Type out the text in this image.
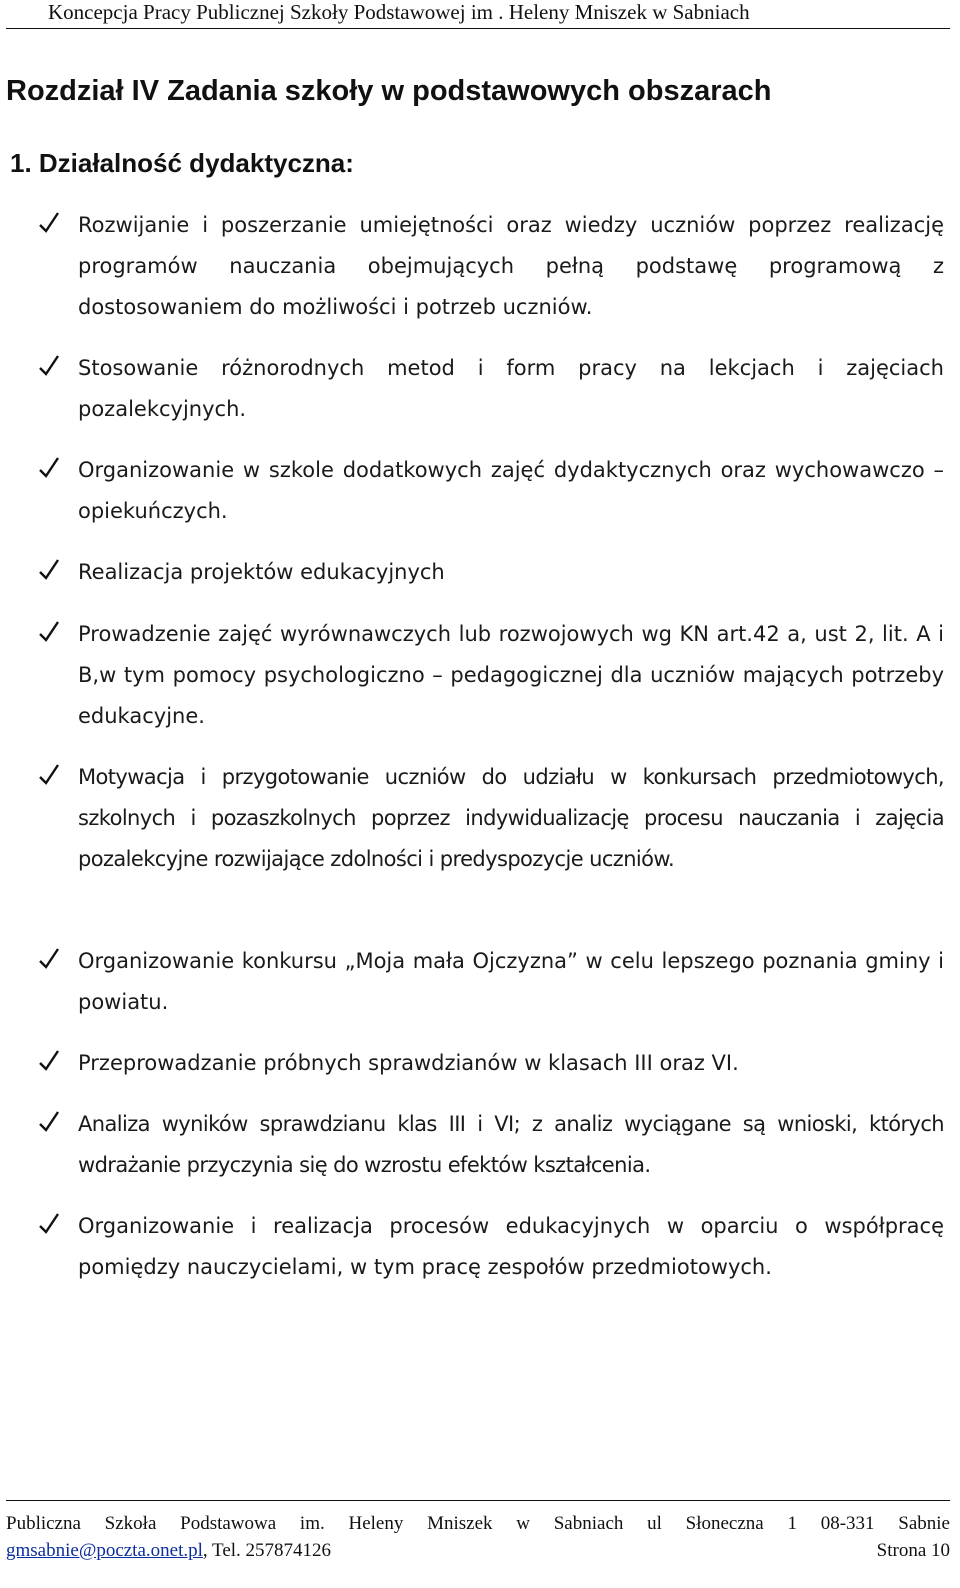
Koncepcja Pracy Publicznej Szkoły Podstawowej im . Heleny Mniszek w Sabniach
Rozdział IV Zadania szkoły w podstawowych obszarach
1. Działalność dydaktyczna:
Rozwijanie i poszerzanie umiejętności oraz wiedzy uczniów poprzez realizację programów nauczania obejmujących pełną podstawę programową z dostosowaniem do możliwości i potrzeb uczniów.
Stosowanie różnorodnych metod i form pracy na lekcjach i zajęciach pozalekcyjnych.
Organizowanie w szkole dodatkowych zajęć dydaktycznych oraz wychowawczo – opiekuńczych.
Realizacja projektów edukacyjnych
Prowadzenie zajęć wyrównawczych lub rozwojowych wg KN art.42 a, ust 2, lit. A i B,w tym pomocy psychologiczno – pedagogicznej dla uczniów mających potrzeby edukacyjne.
Motywacja i przygotowanie uczniów do udziału w konkursach przedmiotowych, szkolnych i pozaszkolnych poprzez indywidualizację procesu nauczania i zajęcia pozalekcyjne rozwijające zdolności i predyspozycje uczniów.
Organizowanie konkursu „Moja mała Ojczyzna” w celu lepszego poznania gminy i powiatu.
Przeprowadzanie próbnych sprawdzianów w klasach III oraz VI.
Analiza wyników sprawdzianu klas III i VI; z analiz wyciągane są wnioski, których wdrażanie przyczynia się do wzrostu efektów kształcenia.
Organizowanie i realizacja procesów edukacyjnych w oparciu o współpracę pomiędzy nauczycielami, w tym pracę zespołów przedmiotowych.
Publiczna Szkoła Podstawowa im. Heleny Mniszek w Sabniach ul Słoneczna 1 08-331 Sabnie
gmsabnie@poczta.onet.pl, Tel. 257874126	Strona 10
